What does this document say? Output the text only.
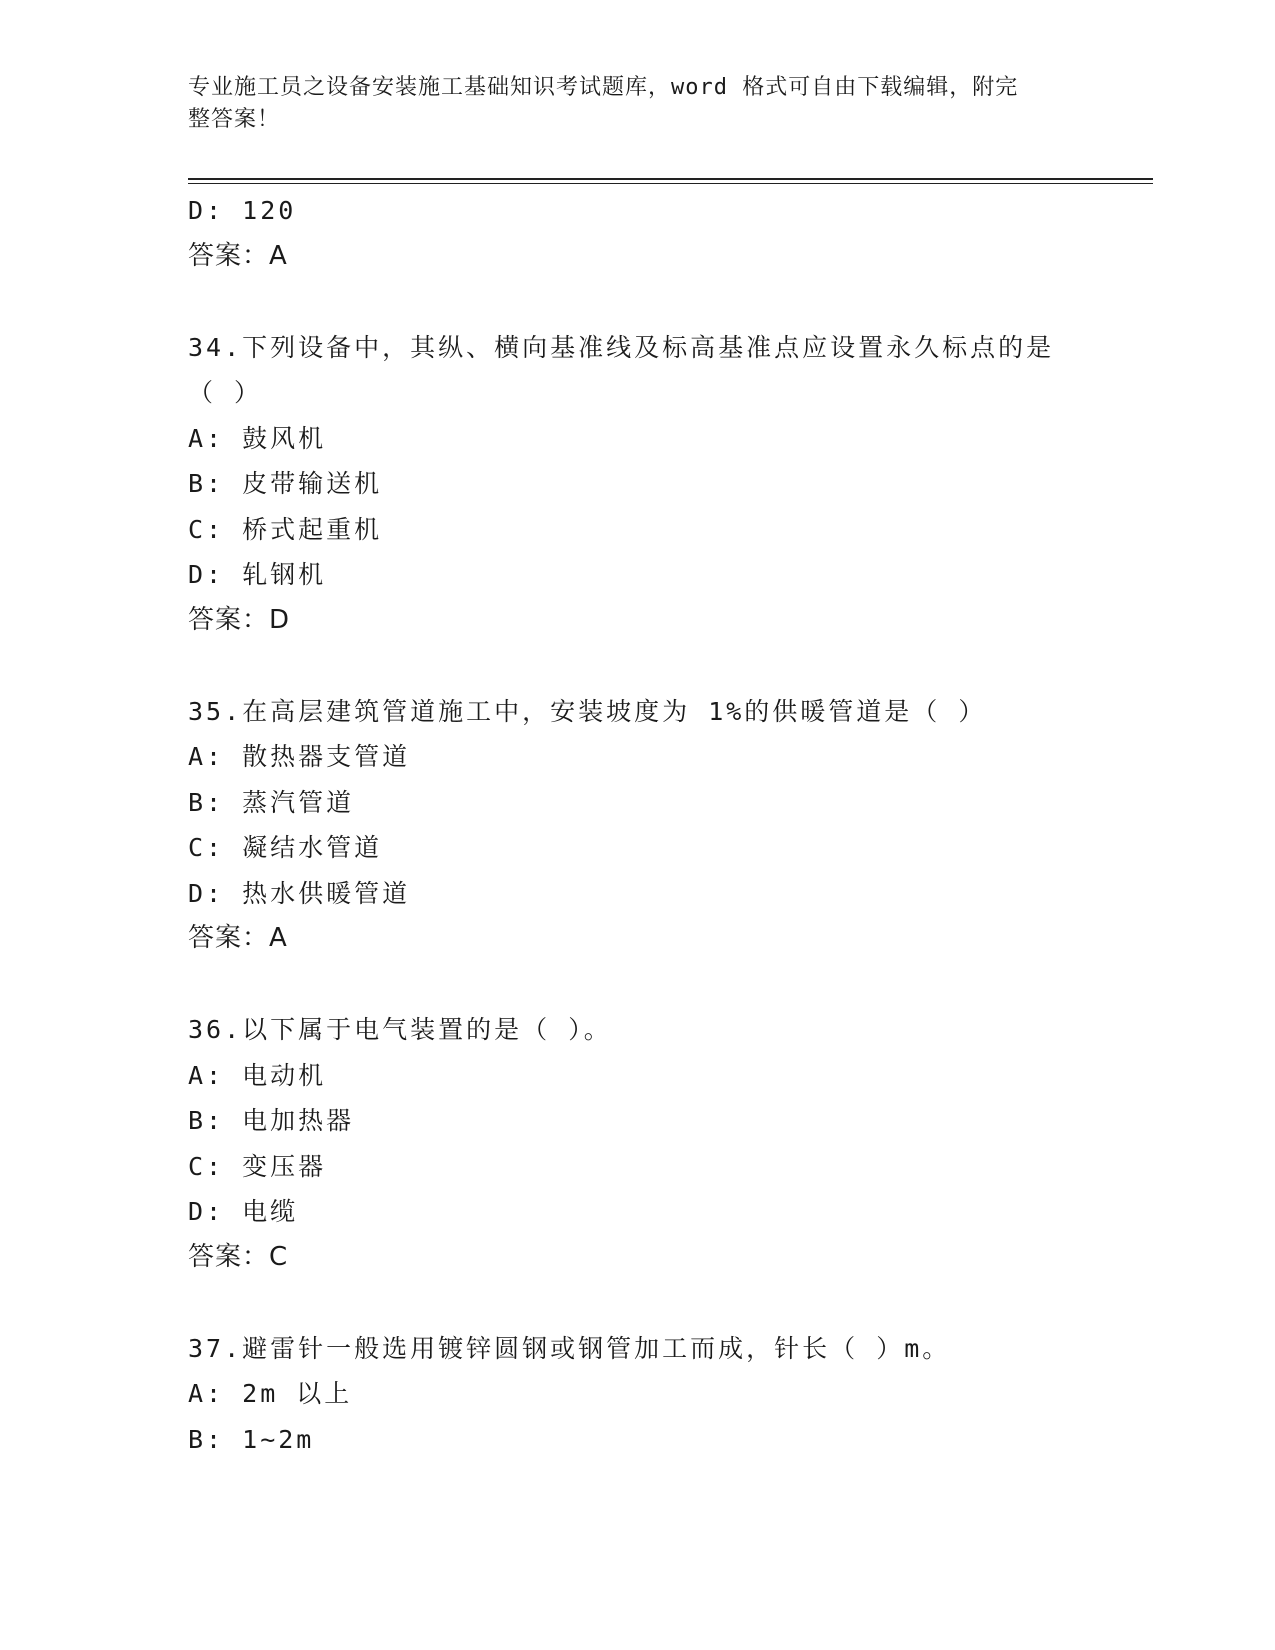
专业施工员之设备安装施工基础知识考试题库，word 格式可自由下载编辑，附完
整答案！
D: 120
答案：A
34.下列设备中，其纵、横向基准线及标高基准点应设置永久标点的是
（ ）
A: 鼓风机
B: 皮带输送机
C: 桥式起重机
D: 轧钢机
答案：D
35.在高层建筑管道施工中，安装坡度为 1%的供暖管道是（ ）
A: 散热器支管道
B: 蒸汽管道
C: 凝结水管道
D: 热水供暖管道
答案：A
36.以下属于电气装置的是（ ）。
A: 电动机
B: 电加热器
C: 变压器
D: 电缆
答案：C
37.避雷针一般选用镀锌圆钢或钢管加工而成，针长（ ）m。
A: 2m 以上
B: 1~2m
